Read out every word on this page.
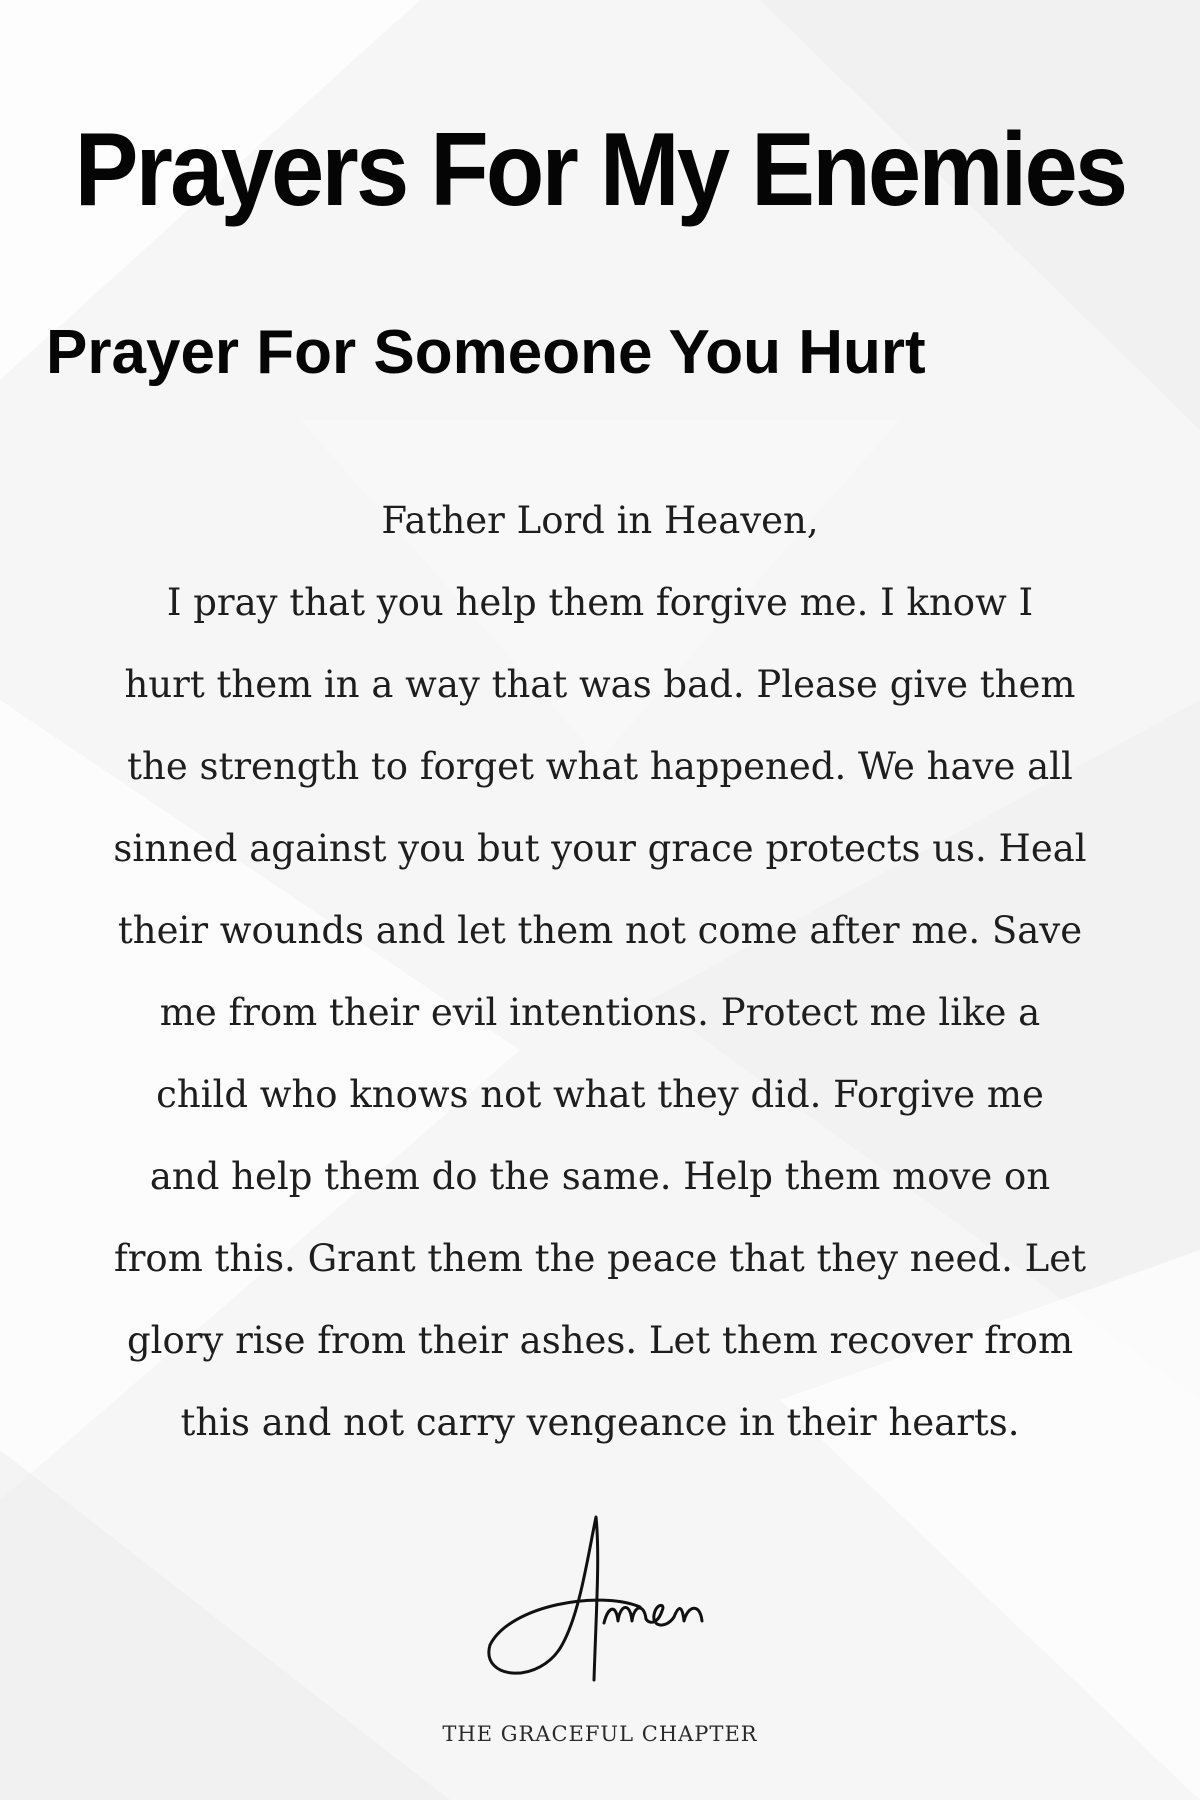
Prayers For My Enemies
Prayer For Someone You Hurt
Father Lord in Heaven,
I pray that you help them forgive me. I know I
hurt them in a way that was bad. Please give them
the strength to forget what happened. We have all
sinned against you but your grace protects us. Heal
their wounds and let them not come after me. Save
me from their evil intentions. Protect me like a
child who knows not what they did. Forgive me
and help them do the same. Help them move on
from this. Grant them the peace that they need. Let
glory rise from their ashes. Let them recover from
this and not carry vengeance in their hearts.
THE GRACEFUL CHAPTER
